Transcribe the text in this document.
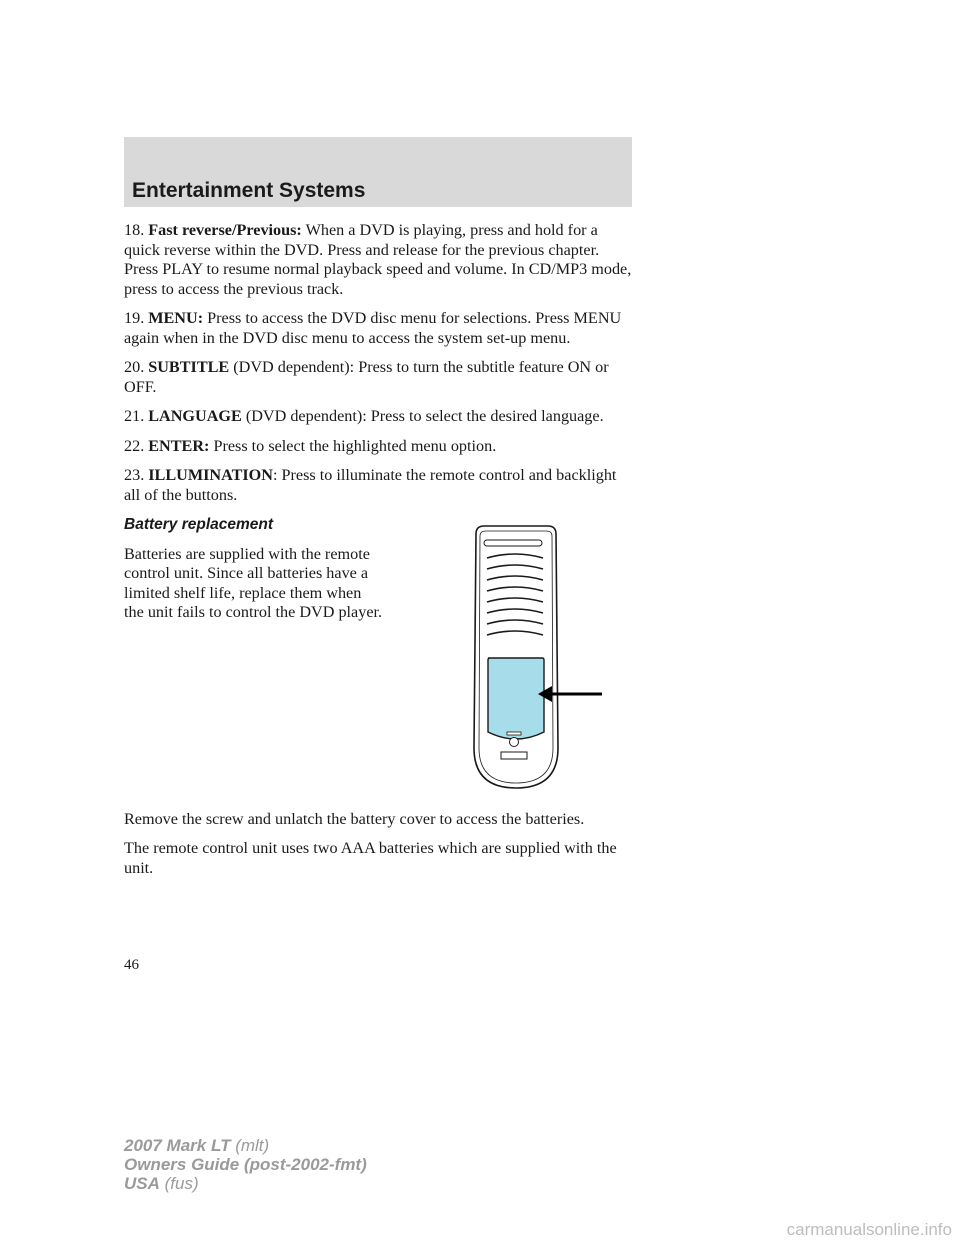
Entertainment Systems

18. Fast reverse/Previous: When a DVD is playing, press and hold for a quick reverse within the DVD. Press and release for the previous chapter. Press PLAY to resume normal playback speed and volume. In CD/MP3 mode, press to access the previous track.

19. MENU: Press to access the DVD disc menu for selections. Press MENU again when in the DVD disc menu to access the system set-up menu.

20. SUBTITLE (DVD dependent): Press to turn the subtitle feature ON or OFF.

21. LANGUAGE (DVD dependent): Press to select the desired language.

22. ENTER: Press to select the highlighted menu option.

23. ILLUMINATION: Press to illuminate the remote control and backlight all of the buttons.

Battery replacement

Batteries are supplied with the remote control unit. Since all batteries have a limited shelf life, replace them when the unit fails to control the DVD player.

Remove the screw and unlatch the battery cover to access the batteries.

The remote control unit uses two AAA batteries which are supplied with the unit.

46

2007 Mark LT (mlt)
Owners Guide (post-2002-fmt)
USA (fus)

carmanualsonline.info
